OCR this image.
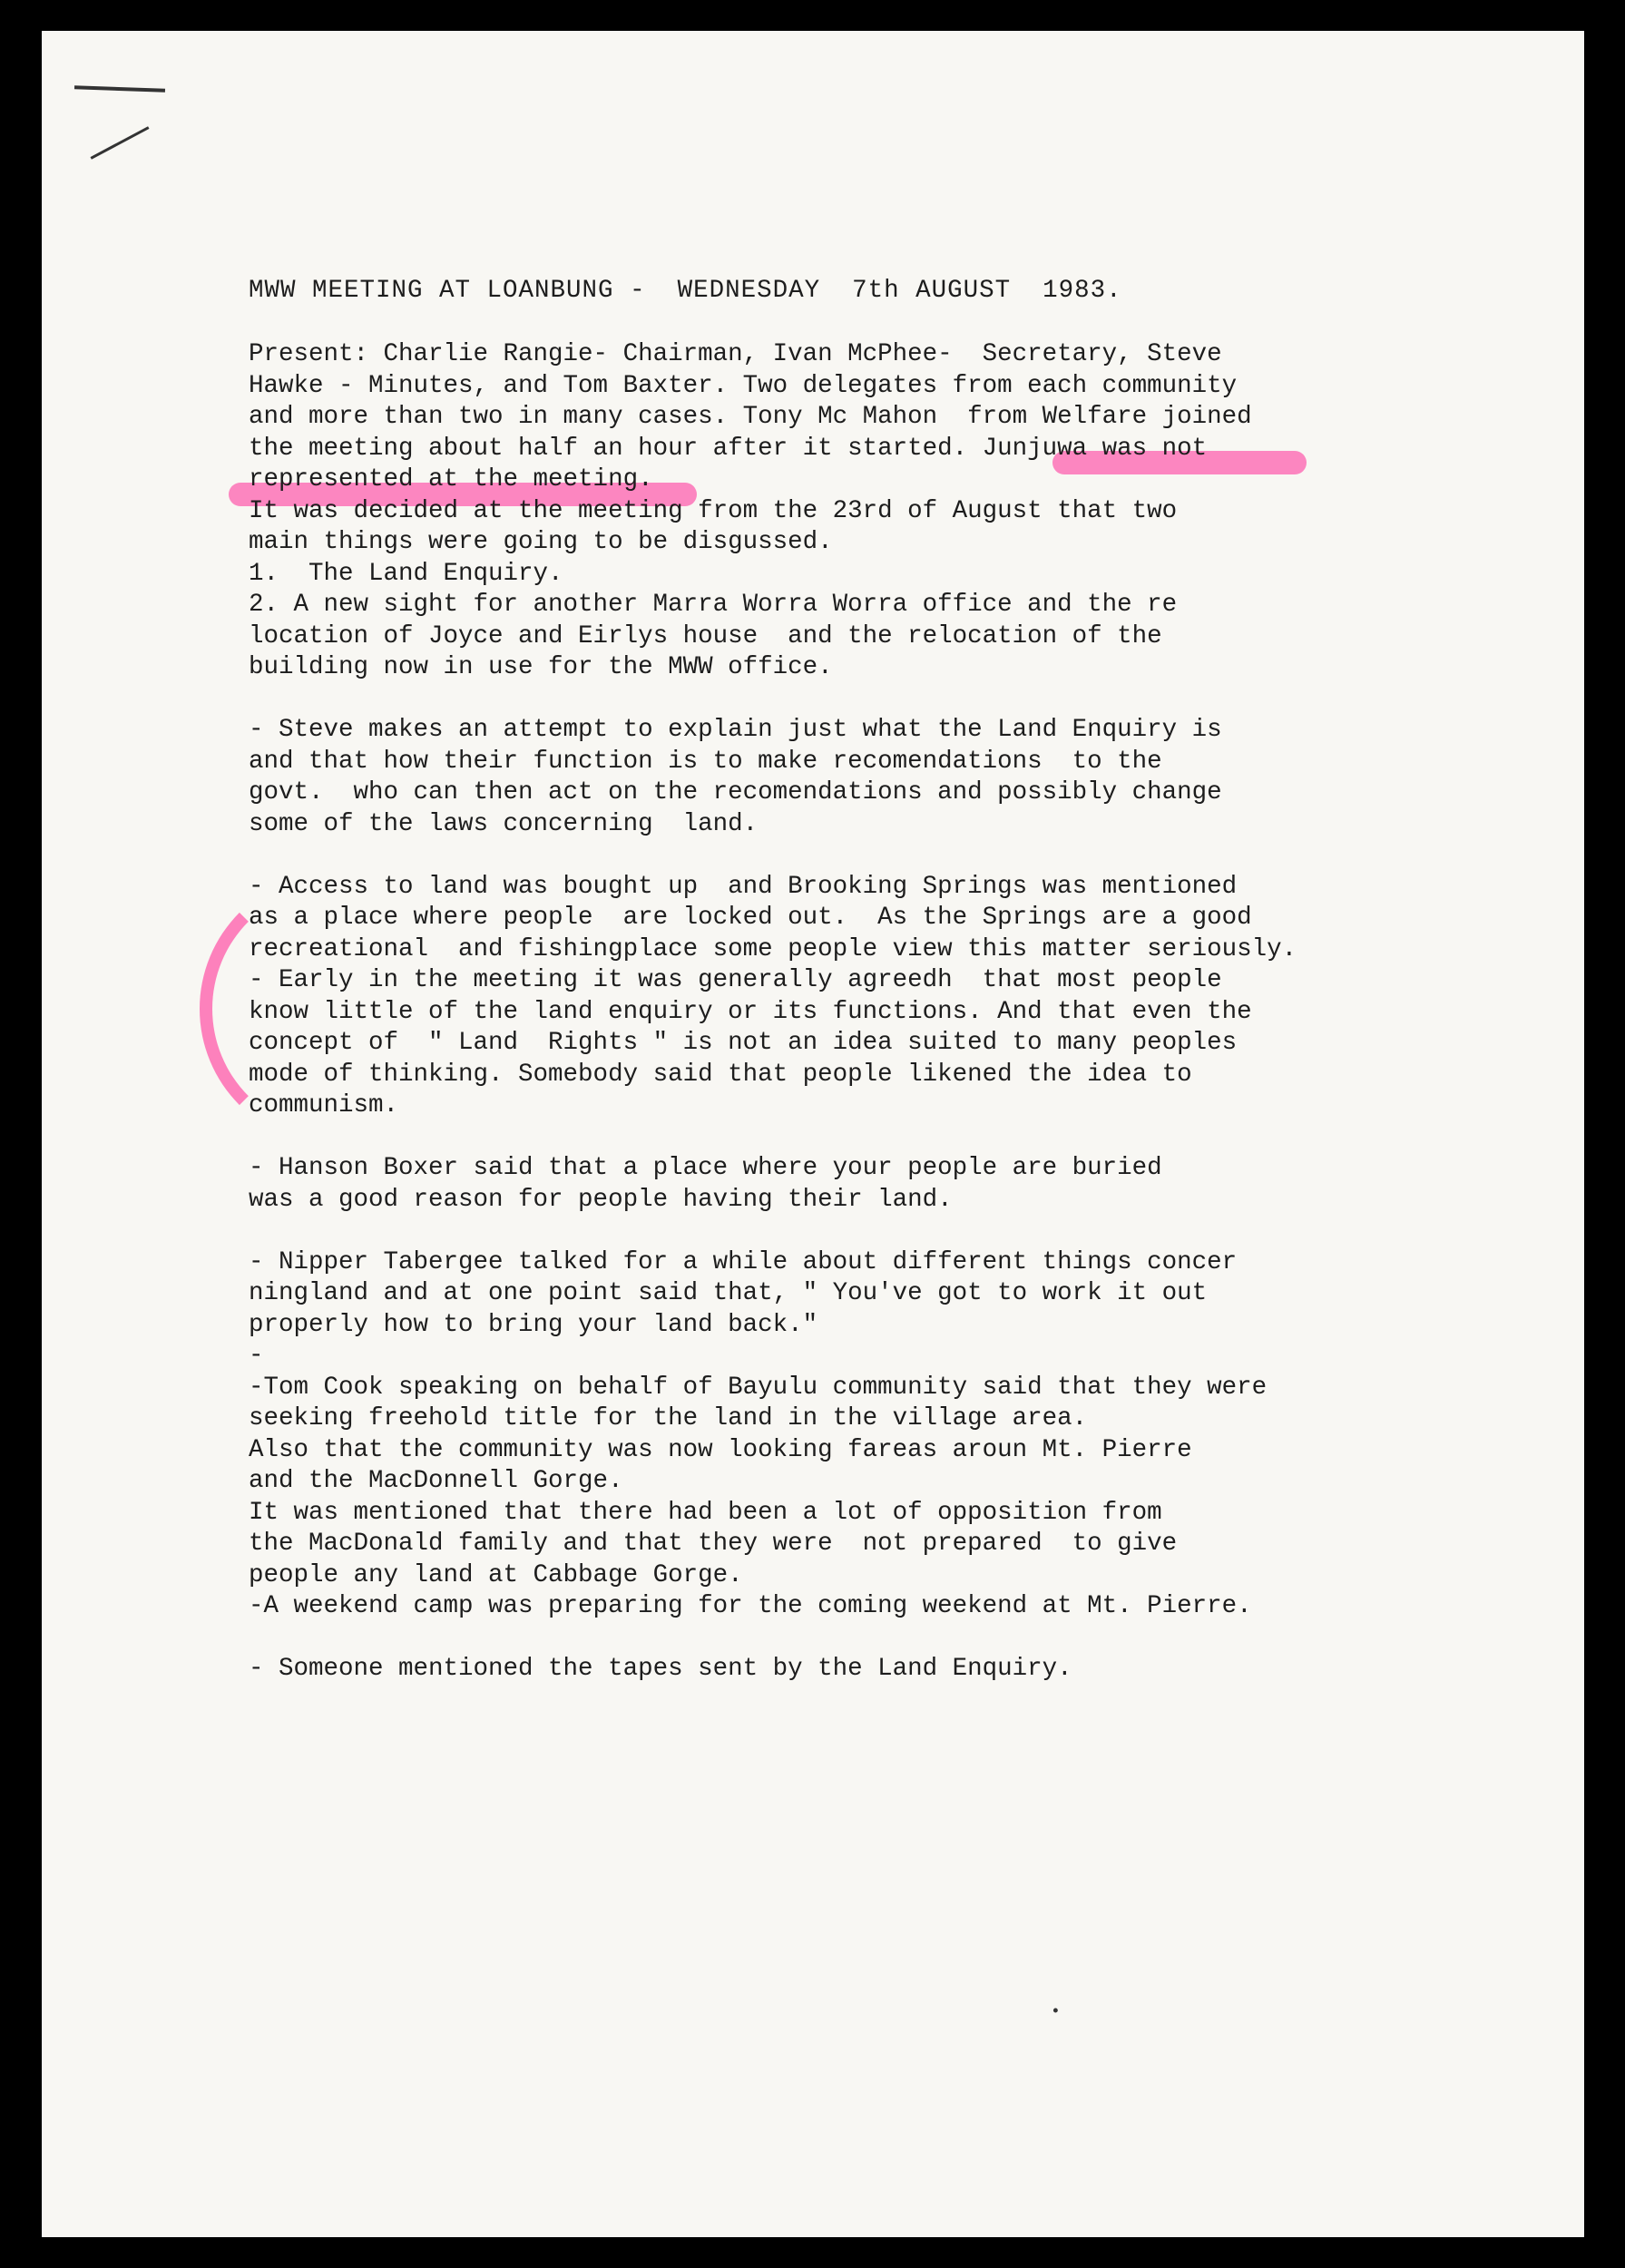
MWW MEETING AT LOANBUNG -  WEDNESDAY  7th AUGUST  1983.
Present: Charlie Rangie- Chairman, Ivan McPhee-  Secretary, Steve
Hawke - Minutes, and Tom Baxter. Two delegates from each community
and more than two in many cases. Tony Mc Mahon  from Welfare joined
the meeting about half an hour after it started. Junjuwa was not
represented at the meeting.
It was decided at the meeting from the 23rd of August that two
main things were going to be disgussed.
1.  The Land Enquiry.
2. A new sight for another Marra Worra Worra office and the re
location of Joyce and Eirlys house  and the relocation of the
building now in use for the MWW office.
- Steve makes an attempt to explain just what the Land Enquiry is
and that how their function is to make recomendations  to the
govt.  who can then act on the recomendations and possibly change
some of the laws concerning  land.
- Access to land was bought up  and Brooking Springs was mentioned
as a place where people  are locked out.  As the Springs are a good
recreational  and fishingplace some people view this matter seriously.
- Early in the meeting it was generally agreedh  that most people
know little of the land enquiry or its functions. And that even the
concept of  " Land  Rights " is not an idea suited to many peoples
mode of thinking. Somebody said that people likened the idea to
communism.
- Hanson Boxer said that a place where your people are buried
was a good reason for people having their land.
- Nipper Tabergee talked for a while about different things concer
ningland and at one point said that, " You've got to work it out
properly how to bring your land back."
-
-Tom Cook speaking on behalf of Bayulu community said that they were
seeking freehold title for the land in the village area.
Also that the community was now looking fareas aroun Mt. Pierre
and the MacDonnell Gorge.
It was mentioned that there had been a lot of opposition from
the MacDonald family and that they were  not prepared  to give
people any land at Cabbage Gorge.
-A weekend camp was preparing for the coming weekend at Mt. Pierre.
- Someone mentioned the tapes sent by the Land Enquiry.
•
